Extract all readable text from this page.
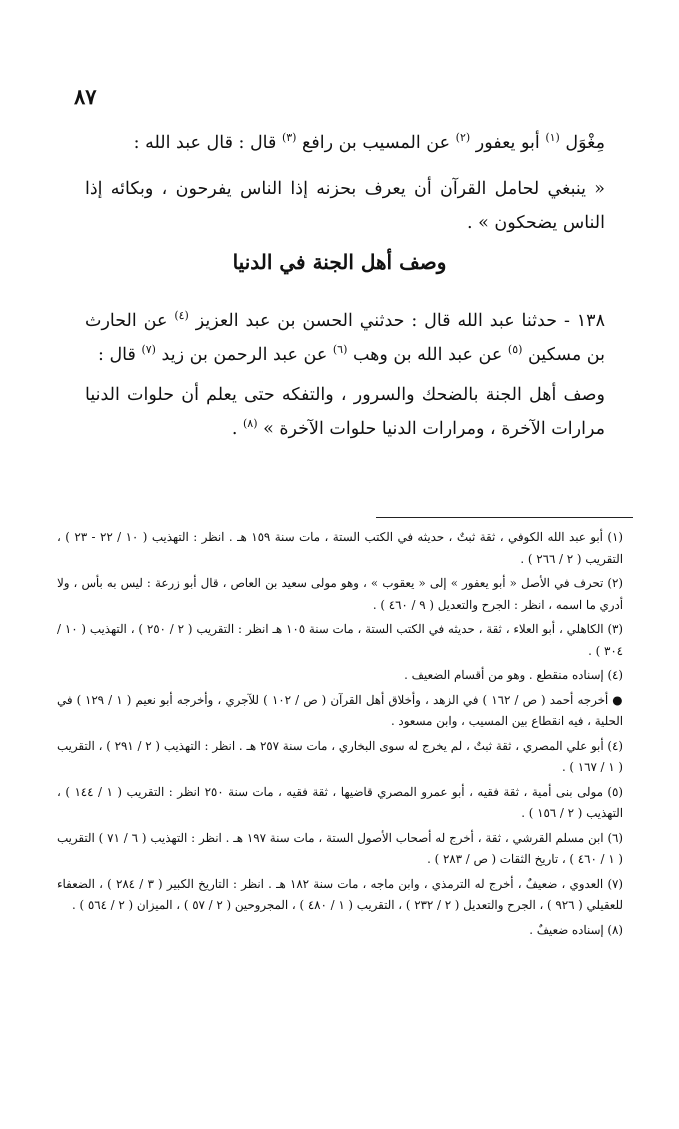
٨٧
مِغْوَل $^{(١)}$ أبو يعفور $^{(٢)}$ عن المسيب بن رافع $^{(٣)}$ قال : قال عبد الله :
« ينبغي لحامل القرآن أن يعرف بحزنه إذا الناس يفرحون ، وبكائه إذا الناس يضحكون » .
وصف أهل الجنة في الدنيا
١٣٨ - حدثنا عبد الله قال : حدثني الحسن بن عبد العزيز $^{(٤)}$ عن الحارث بن مسكين $^{(٥)}$ عن عبد الله بن وهب $^{(٦)}$ عن عبد الرحمن بن زيد $^{(٧)}$ قال :
وصف أهل الجنة بالضحك والسرور ، والتفكه حتى يعلم أن حلوات الدنيا مرارات الآخرة ، ومرارات الدنيا حلوات الآخرة » $^{(٨)}$ .

(١) أبو عبد الله الكوفي ، ثقة ثبتٌ ، حديثه في الكتب الستة ، مات سنة ١٥٩ هـ . انظر : التهذيب ( ١٠ / ٢٢ - ٢٣ ) ، التقريب ( ٢ / ٢٦٦ ) .

(٢) تحرف في الأصل « أبو يعفور » إلى « يعقوب » ، وهو مولى سعيد بن العاص ، قال أبو زرعة : ليس به بأس ، ولا أدري ما اسمه ، انظر : الجرح والتعديل ( ٩ / ٤٦٠ ) .

(٣) الكاهلي ، أبو العلاء ، ثقة ، حديثه في الكتب الستة ، مات سنة ١٠٥ هـ انظر : التقريب ( ٢ / ٢٥٠ ) ، التهذيب ( ١٠ / ٣٠٤ ) .

(٤) إسناده منقطع . وهو من أقسام الضعيف .

● أخرجه أحمد ( ص / ١٦٢ ) في الزهد ، وأخلاق أهل القرآن ( ص / ١٠٢ ) للآجري ، وأخرجه أبو نعيم ( ١ / ١٢٩ ) في الحلية ، فيه انقطاع بين المسيب ، وابن مسعود .

(٤) أبو علي المصري ، ثقة ثبتٌ ، لم يخرج له سوى البخاري ، مات سنة ٢٥٧ هـ . انظر : التهذيب ( ٢ / ٢٩١ ) ، التقريب ( ١ / ١٦٧ ) .

(٥) مولى بنى أمية ، ثقة فقيه ، أبو عمرو المصري قاضيها ، ثقة فقيه ، مات سنة ٢٥٠ انظر : التقريب ( ١ / ١٤٤ ) ، التهذيب ( ٢ / ١٥٦ ) .

(٦) ابن مسلم القرشي ، ثقة ، أخرج له أصحاب الأصول الستة ، مات سنة ١٩٧ هـ . انظر : التهذيب ( ٦ / ٧١ ) التقريب ( ١ / ٤٦٠ ) ، تاريخ الثقات ( ص / ٢٨٣ ) .

(٧) العدوي ، ضعيفٌ ، أخرج له الترمذي ، وابن ماجه ، مات سنة ١٨٢ هـ . انظر : التاريخ الكبير ( ٣ / ٢٨٤ ) ، الضعفاء للعقيلي ( ٩٢٦ ) ، الجرح والتعديل ( ٢ / ٢٣٢ ) ، التقريب ( ١ / ٤٨٠ ) ، المجروحين ( ٢ / ٥٧ ) ، الميزان ( ٢ / ٥٦٤ ) .

(٨) إسناده ضعيفٌ .
